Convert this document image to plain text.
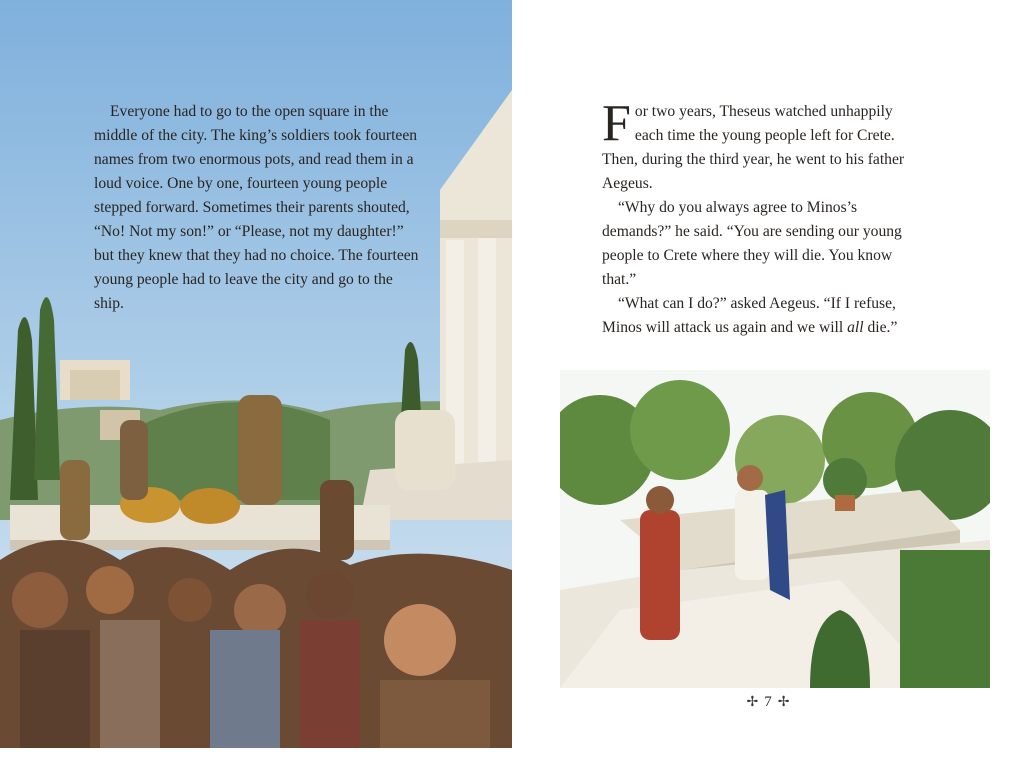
Everyone had to go to the open square in the middle of the city. The king’s soldiers took fourteen names from two enormous pots, and read them in a loud voice. One by one, fourteen young people stepped forward. Sometimes their parents shouted, “No! Not my son!” or “Please, not my daughter!” but they knew that they had no choice. The fourteen young people had to leave the city and go to the ship.

For two years, Theseus watched unhappily each time the young people left for Crete. Then, during the third year, he went to his father Aegeus.

“Why do you always agree to Minos’s demands?” he said. “You are sending our young people to Crete where they will die. You know that.”

“What can I do?” asked Aegeus. “If I refuse, Minos will attack us again and we will all die.”

✢ 7 ✢
